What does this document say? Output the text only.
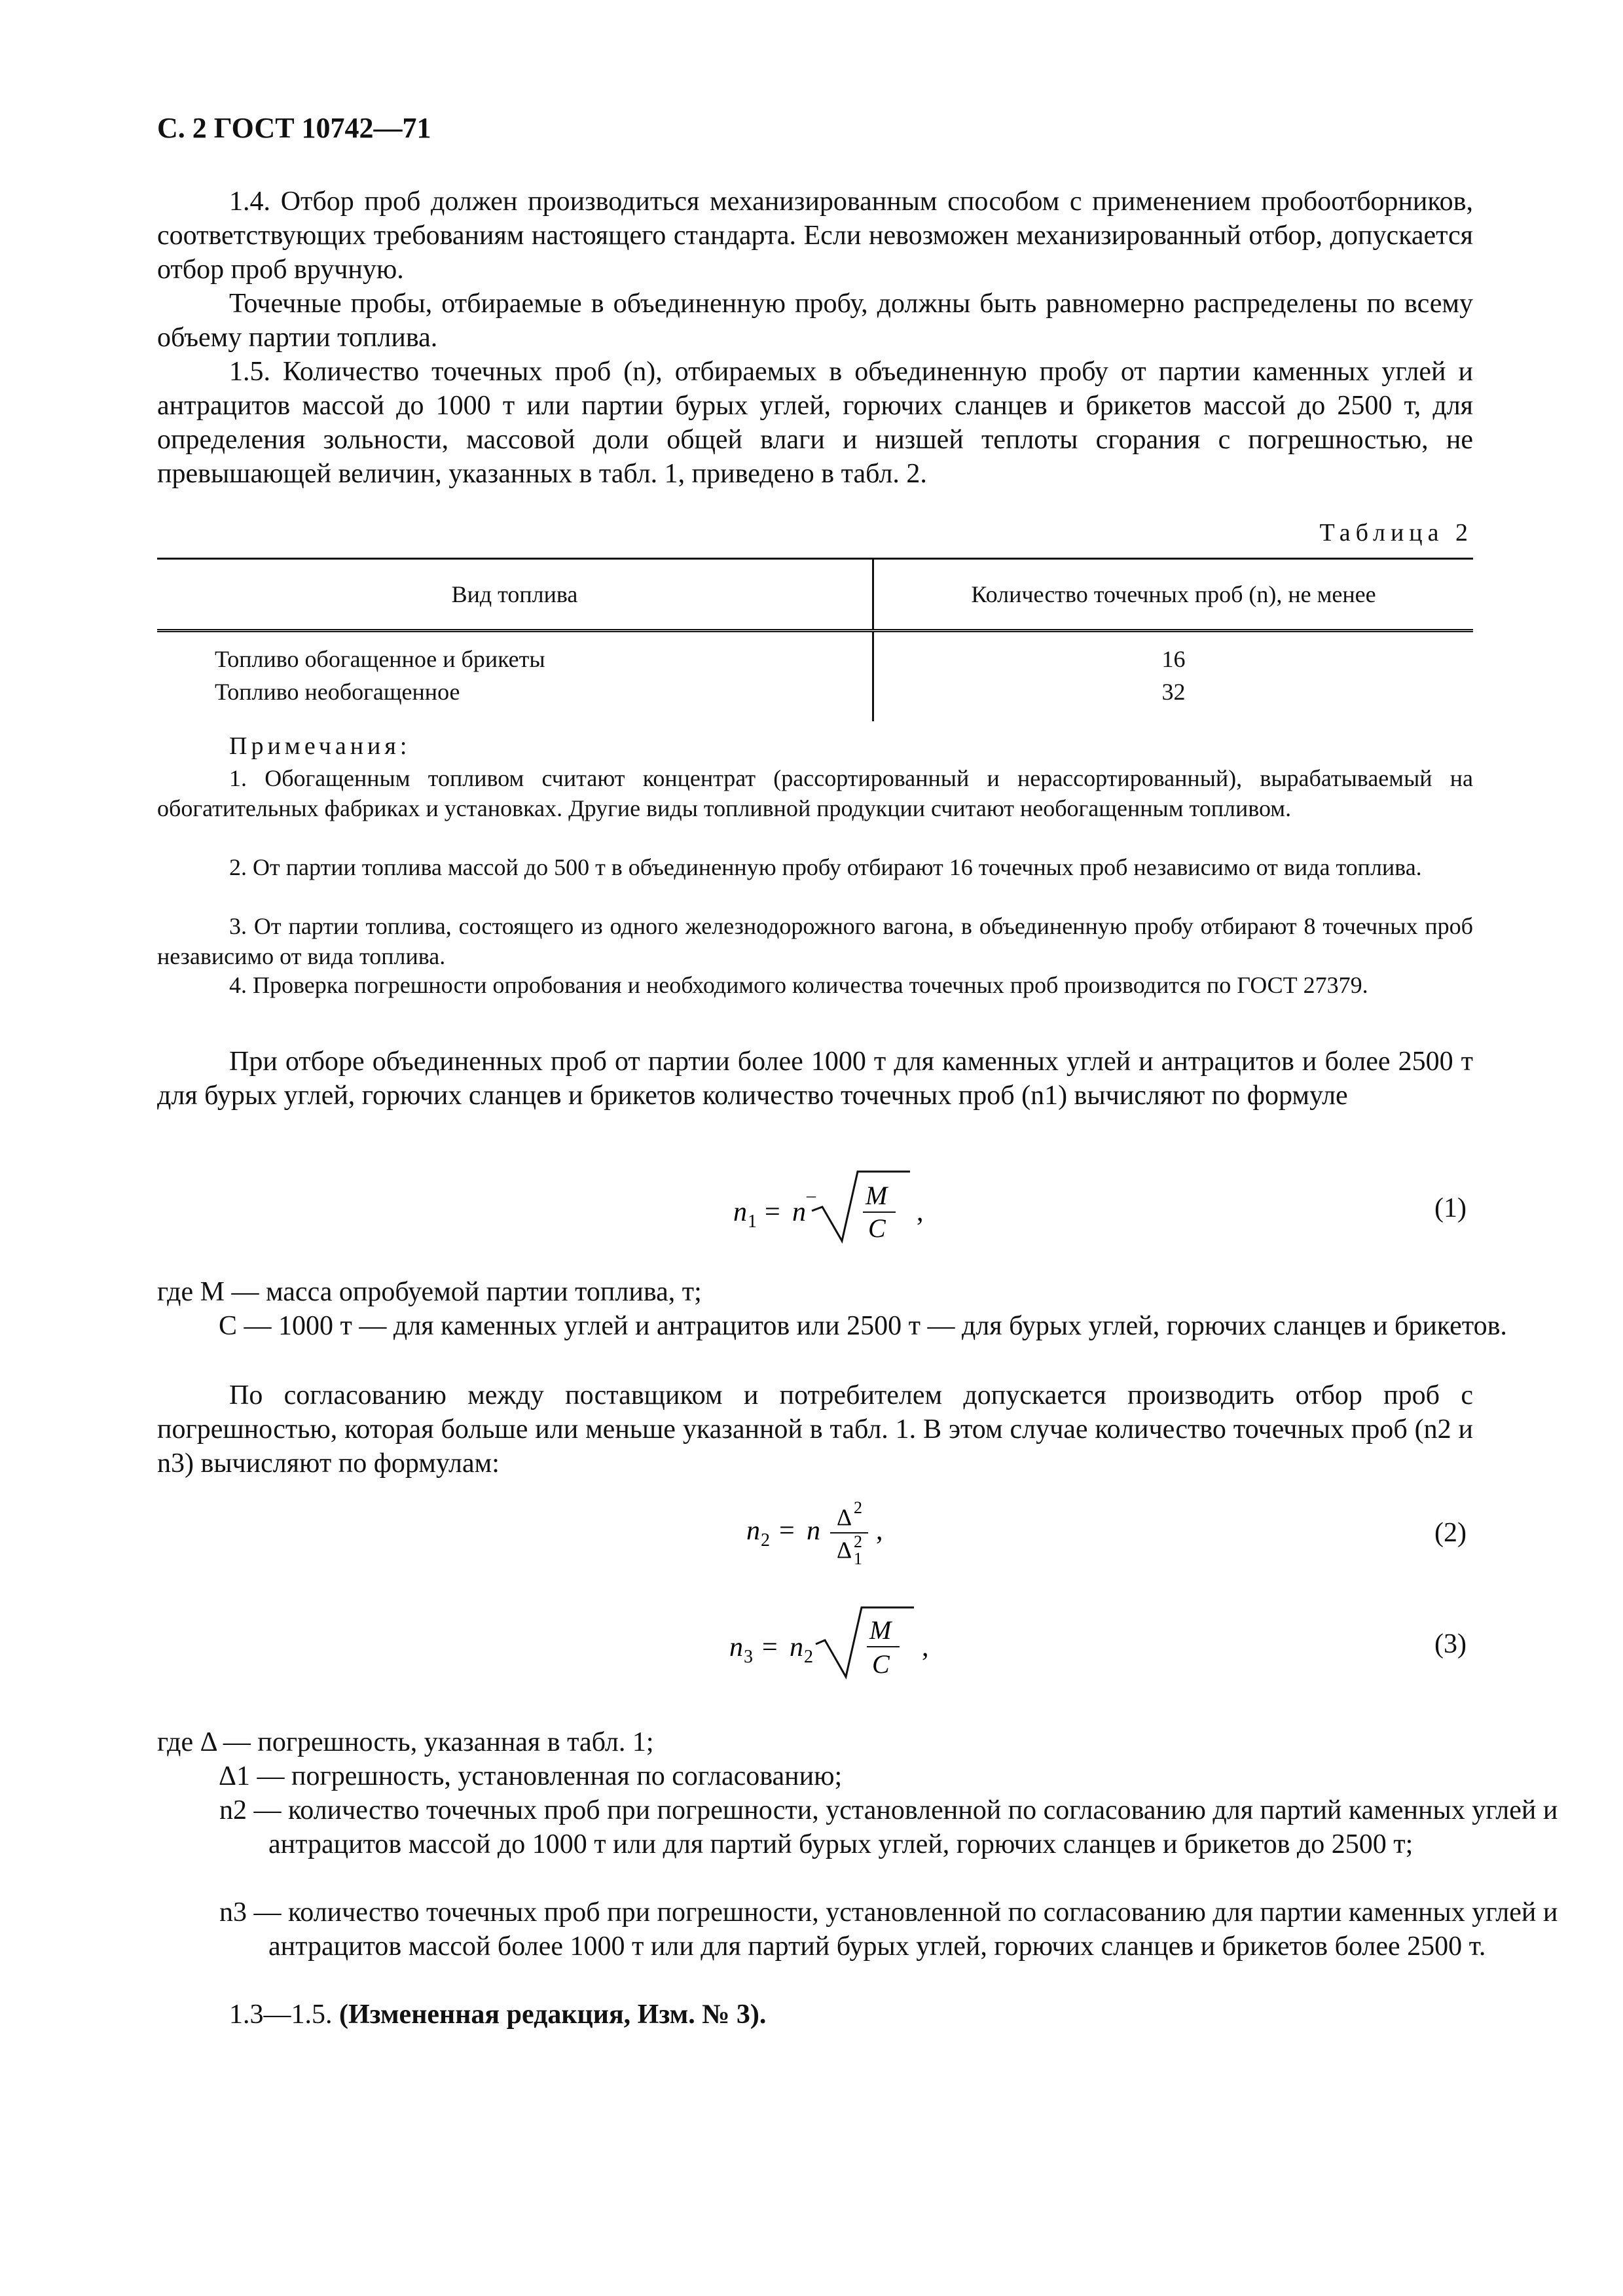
С. 2 ГОСТ 10742—71
1.4. Отбор проб должен производиться механизированным способом с применением пробоотборников, соответствующих требованиям настоящего стандарта. Если невозможен механизированный отбор, допускается отбор проб вручную.
Точечные пробы, отбираемые в объединенную пробу, должны быть равномерно распределены по всему объему партии топлива.
1.5. Количество точечных проб (n), отбираемых в объединенную пробу от партии каменных углей и антрацитов массой до 1000 т или партии бурых углей, горючих сланцев и брикетов массой до 2500 т, для определения зольности, массовой доли общей влаги и низшей теплоты сгорания с погрешностью, не превышающей величин, указанных в табл. 1, приведено в табл. 2.
Таблица 2
Вид топлива	Количество точечных проб (n), не менее
Топливо обогащенное и брикеты	16
Топливо необогащенное	32
Примечания:
1. Обогащенным топливом считают концентрат (рассортированный и нерассортированный), вырабатываемый на обогатительных фабриках и установках. Другие виды топливной продукции считают необогащенным топливом.
2. От партии топлива массой до 500 т в объединенную пробу отбирают 16 точечных проб независимо от вида топлива.
3. От партии топлива, состоящего из одного железнодорожного вагона, в объединенную пробу отбирают 8 точечных проб независимо от вида топлива.
4. Проверка погрешности опробования и необходимого количества точечных проб производится по ГОСТ 27379.
При отборе объединенных проб от партии более 1000 т для каменных углей и антрацитов и более 2500 т для бурых углей, горючих сланцев и брикетов количество точечных проб (n1) вычисляют по формуле
n 1 = n ¯ M
C
,	(1)
где M — масса опробуемой партии топлива, т;
C — 1000 т — для каменных углей и антрацитов или 2500 т — для бурых углей, горючих сланцев и брикетов.
По согласованию между поставщиком и потребителем допускается производить отбор проб с погрешностью, которая больше или меньше указанной в табл. 1. В этом случае количество точечных проб (n2 и n3) вычисляют по формулам:
n 2 = n Δ 2
Δ 2
1
,	(2)
n 3 = n 2
M
C
,	(3)
где Δ — погрешность, указанная в табл. 1;
Δ1 — погрешность, установленная по согласованию;
n2 — количество точечных проб при погрешности, установленной по согласованию для партий каменных углей и антрацитов массой до 1000 т или для партий бурых углей, горючих сланцев и брикетов до 2500 т;
n3 — количество точечных проб при погрешности, установленной по согласованию для партии каменных углей и антрацитов массой более 1000 т или для партий бурых углей, горючих сланцев и брикетов более 2500 т.
1.3—1.5. (Измененная редакция, Изм. № 3).
